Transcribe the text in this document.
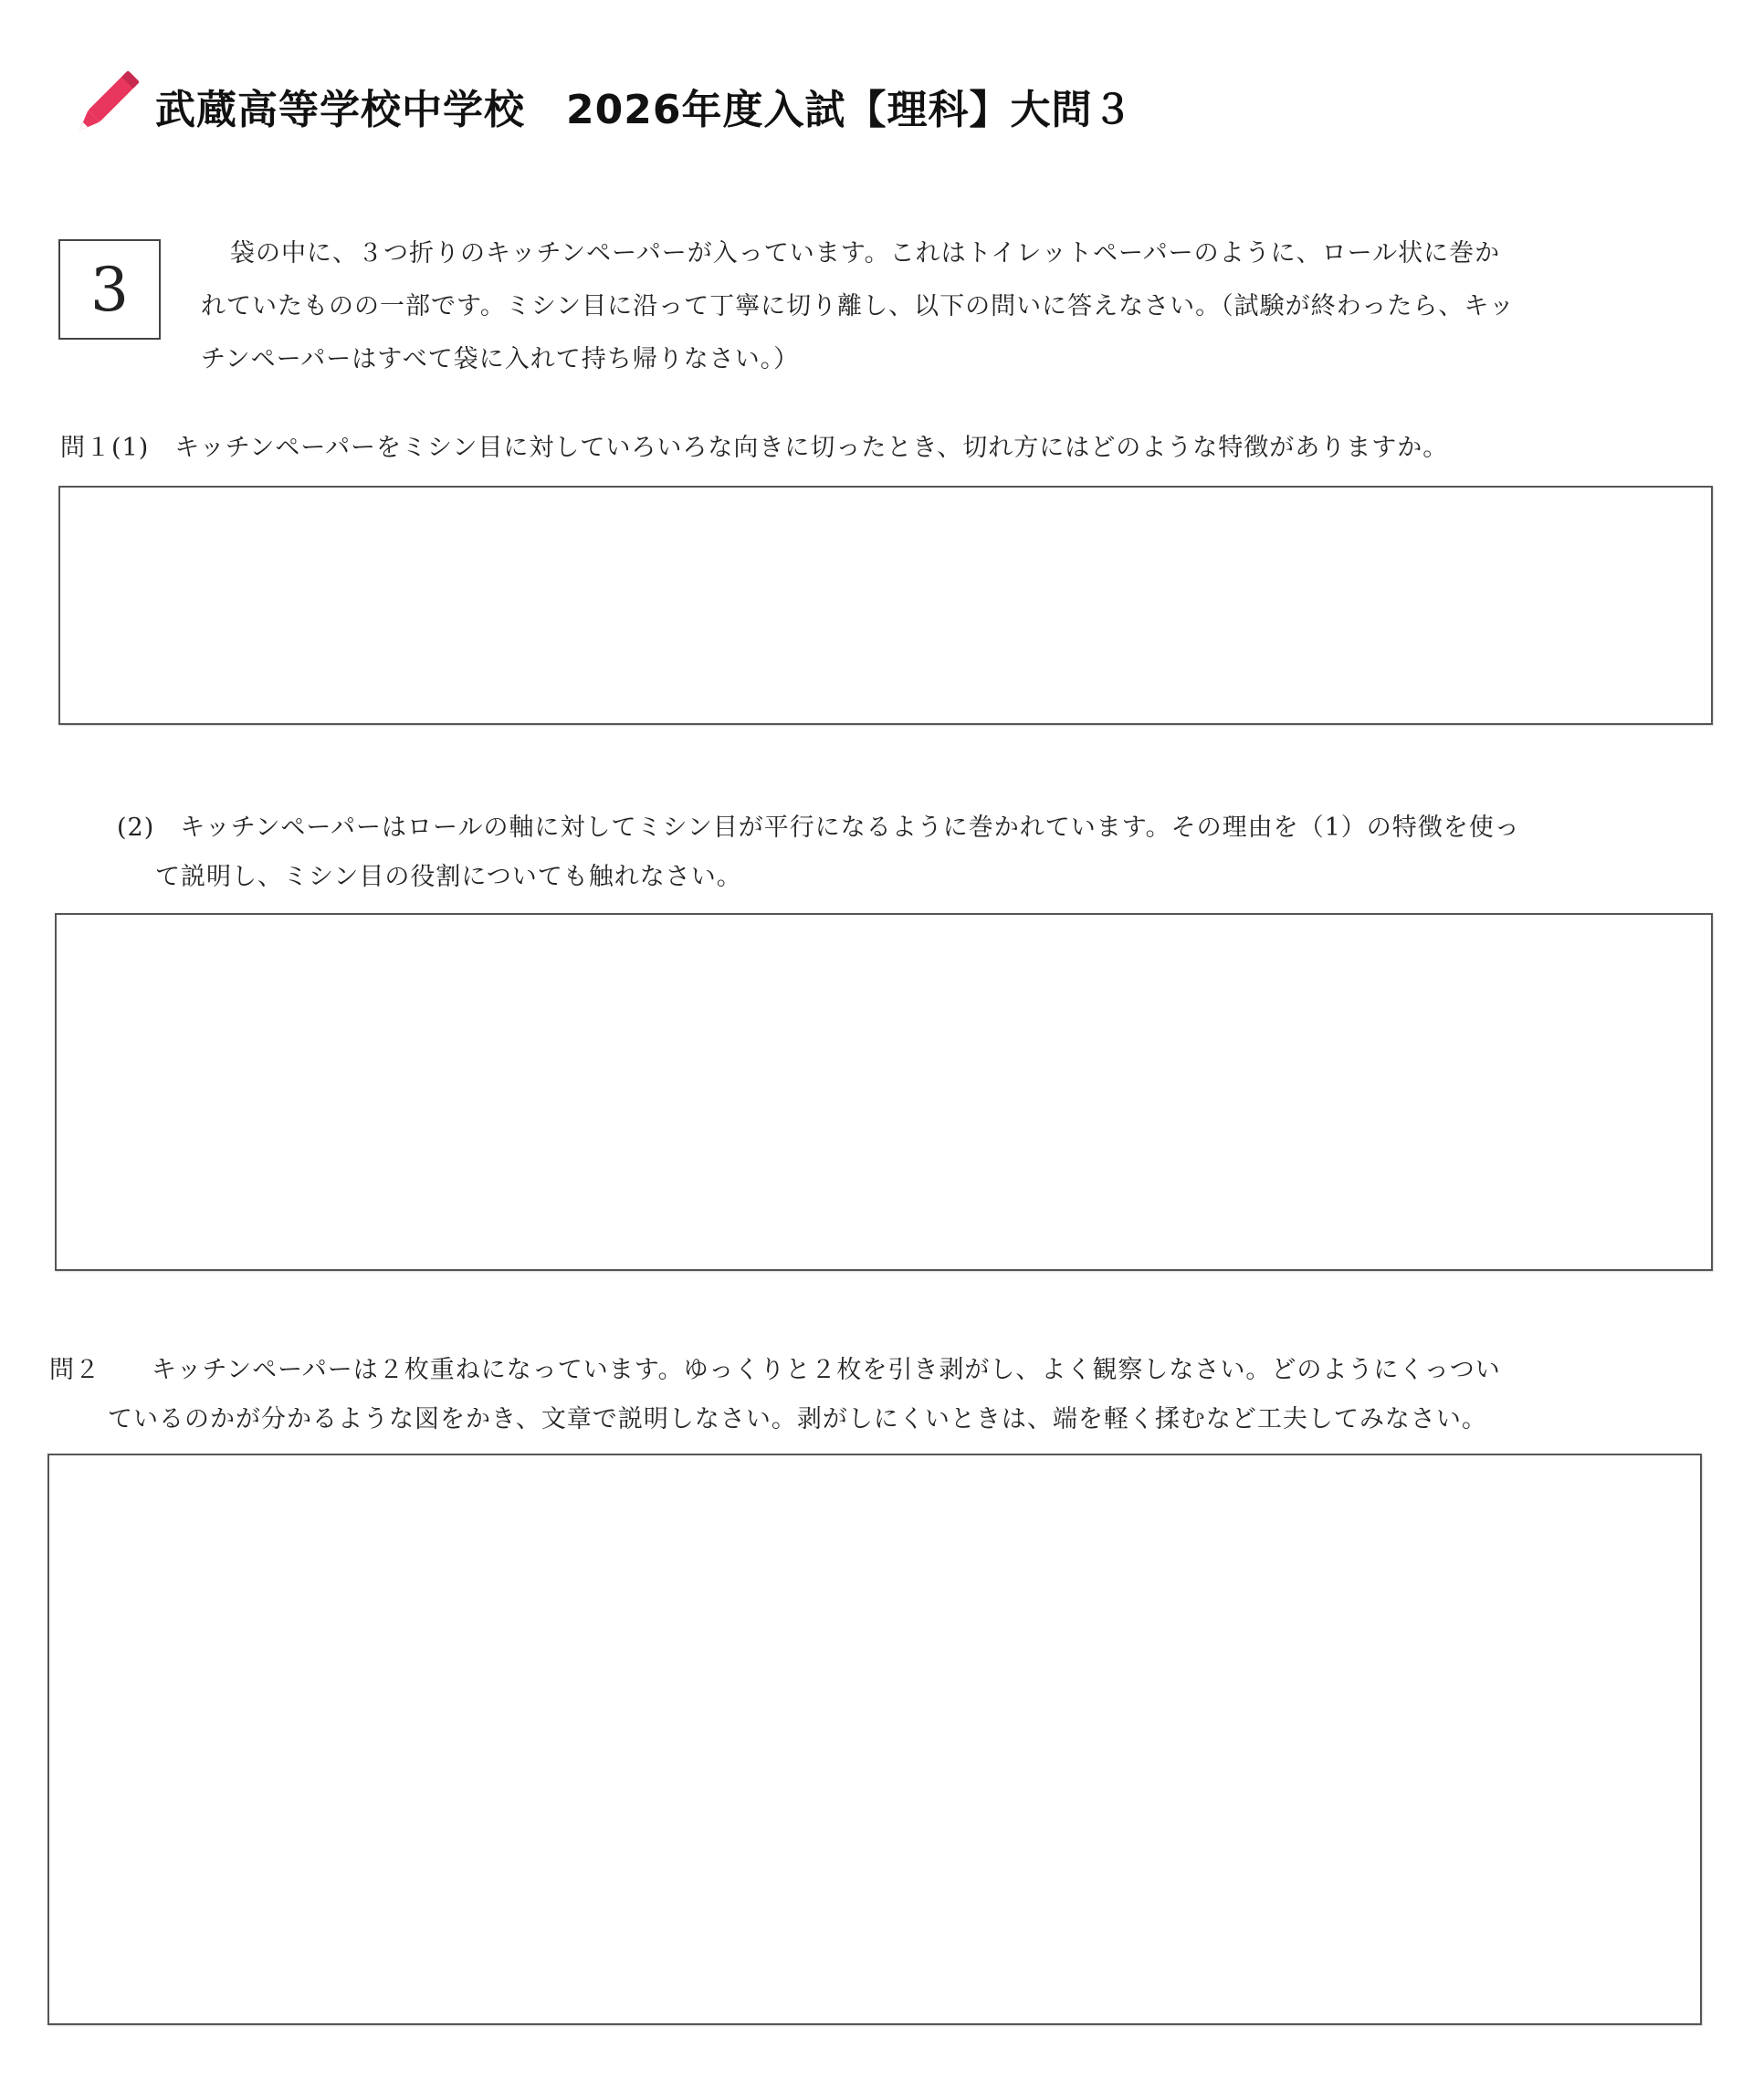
武蔵高等学校中学校　2026年度入試【理科】大問３
3
袋の中に、３つ折りのキッチンペーパーが入っています。これはトイレットペーパーのように、ロール状に巻か
れていたものの一部です。ミシン目に沿って丁寧に切り離し、以下の問いに答えなさい。（試験が終わったら、キッ
チンペーパーはすべて袋に入れて持ち帰りなさい。）
問１(1)　キッチンペーパーをミシン目に対していろいろな向きに切ったとき、切れ方にはどのような特徴がありますか。
(2)　キッチンペーパーはロールの軸に対してミシン目が平行になるように巻かれています。その理由を（1）の特徴を使っ
て説明し、ミシン目の役割についても触れなさい。
問２　　キッチンペーパーは２枚重ねになっています。ゆっくりと２枚を引き剥がし、よく観察しなさい。どのようにくっつい
ているのかが分かるような図をかき、文章で説明しなさい。剥がしにくいときは、端を軽く揉むなど工夫してみなさい。
